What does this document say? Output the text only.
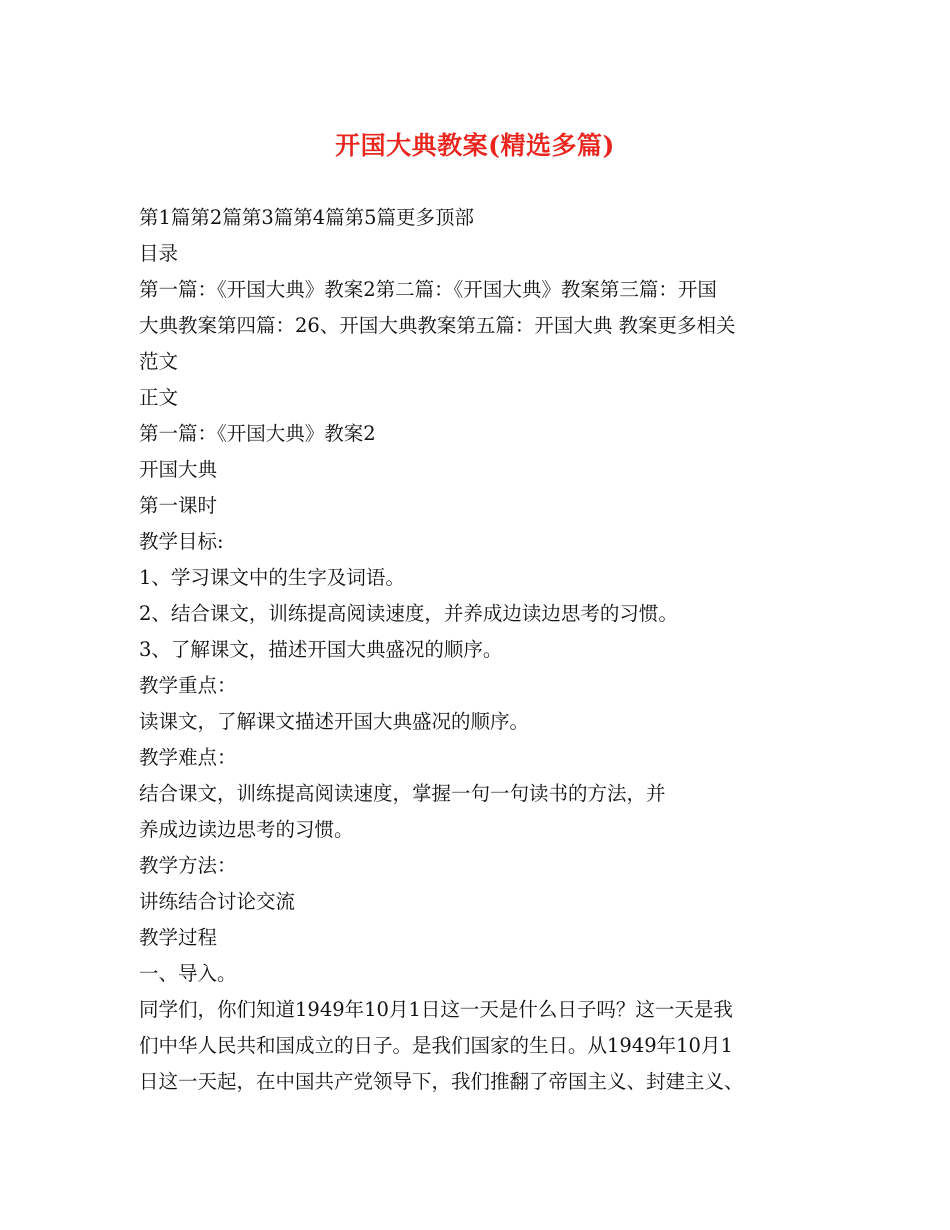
开国大典教案(精选多篇)
第1篇第2篇第3篇第4篇第5篇更多顶部
目录
第一篇：《开国大典》教案2第二篇：《开国大典》教案第三篇：开国
大典教案第四篇：26、开国大典教案第五篇：开国大典 教案更多相关
范文
正文
第一篇：《开国大典》教案2
开国大典
第一课时
教学目标:
1、学习课文中的生字及词语。
2、结合课文，训练提高阅读速度，并养成边读边思考的习惯。
3、了解课文，描述开国大典盛况的顺序。
教学重点：
读课文，了解课文描述开国大典盛况的顺序。
教学难点：
结合课文，训练提高阅读速度，掌握一句一句读书的方法，并
养成边读边思考的习惯。
教学方法：
讲练结合讨论交流
教学过程
一、导入。
同学们，你们知道1949年10月1日这一天是什么日子吗？这一天是我
们中华人民共和国成立的日子。是我们国家的生日。从1949年10月1
日这一天起，在中国共产党领导下，我们推翻了帝国主义、封建主义、
